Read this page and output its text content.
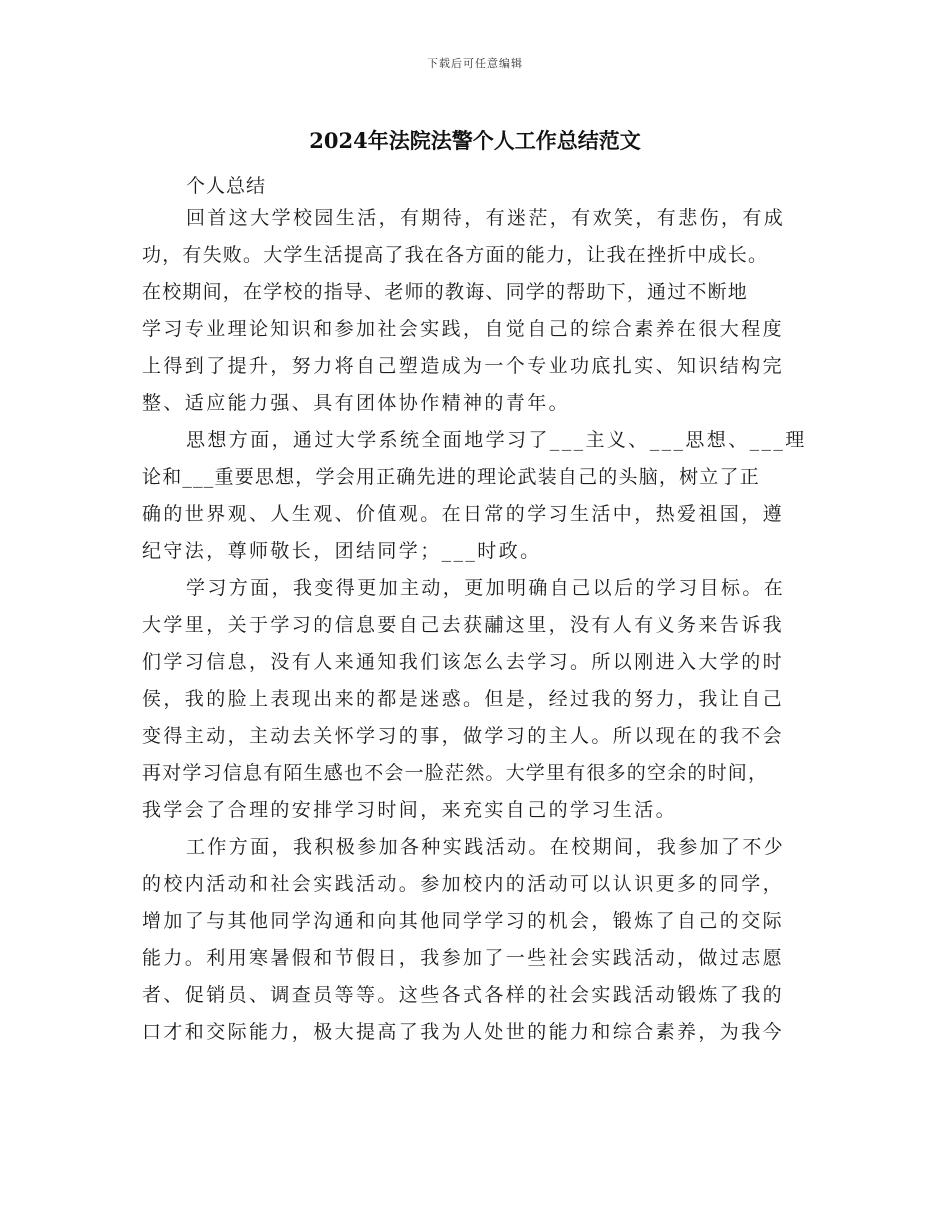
下载后可任意编辑
2024年法院法警个人工作总结范文

个人总结

回首这大学校园生活，有期待，有迷茫，有欢笑，有悲伤，有成

功，有失败。大学生活提高了我在各方面的能力，让我在挫折中成长。

在校期间，在学校的指导、老师的教诲、同学的帮助下，通过不断地

学习专业理论知识和参加社会实践，自觉自己的综合素养在很大程度

上得到了提升，努力将自己塑造成为一个专业功底扎实、知识结构完

整、适应能力强、具有团体协作精神的青年。

思想方面，通过大学系统全面地学习了___主义、___思想、___理

论和___重要思想，学会用正确先进的理论武装自己的头脑，树立了正

确的世界观、人生观、价值观。在日常的学习生活中，热爱祖国，遵

纪守法，尊师敬长，团结同学；___时政。

学习方面，我变得更加主动，更加明确自己以后的学习目标。在

大学里，关于学习的信息要自己去获鬴这里，没有人有义务来告诉我

们学习信息，没有人来通知我们该怎么去学习。所以刚进入大学的时

侯，我的脸上表现出来的都是迷惑。但是，经过我的努力，我让自己

变得主动，主动去关怀学习的事，做学习的主人。所以现在的我不会

再对学习信息有陌生感也不会一脸茫然。大学里有很多的空余的时间，

我学会了合理的安排学习时间，来充实自己的学习生活。

工作方面，我积极参加各种实践活动。在校期间，我参加了不少

的校内活动和社会实践活动。参加校内的活动可以认识更多的同学，

增加了与其他同学沟通和向其他同学学习的机会，锻炼了自己的交际

能力。利用寒暑假和节假日，我参加了一些社会实践活动，做过志愿

者、促销员、调查员等等。这些各式各样的社会实践活动锻炼了我的

口才和交际能力，极大提高了我为人处世的能力和综合素养，为我今
